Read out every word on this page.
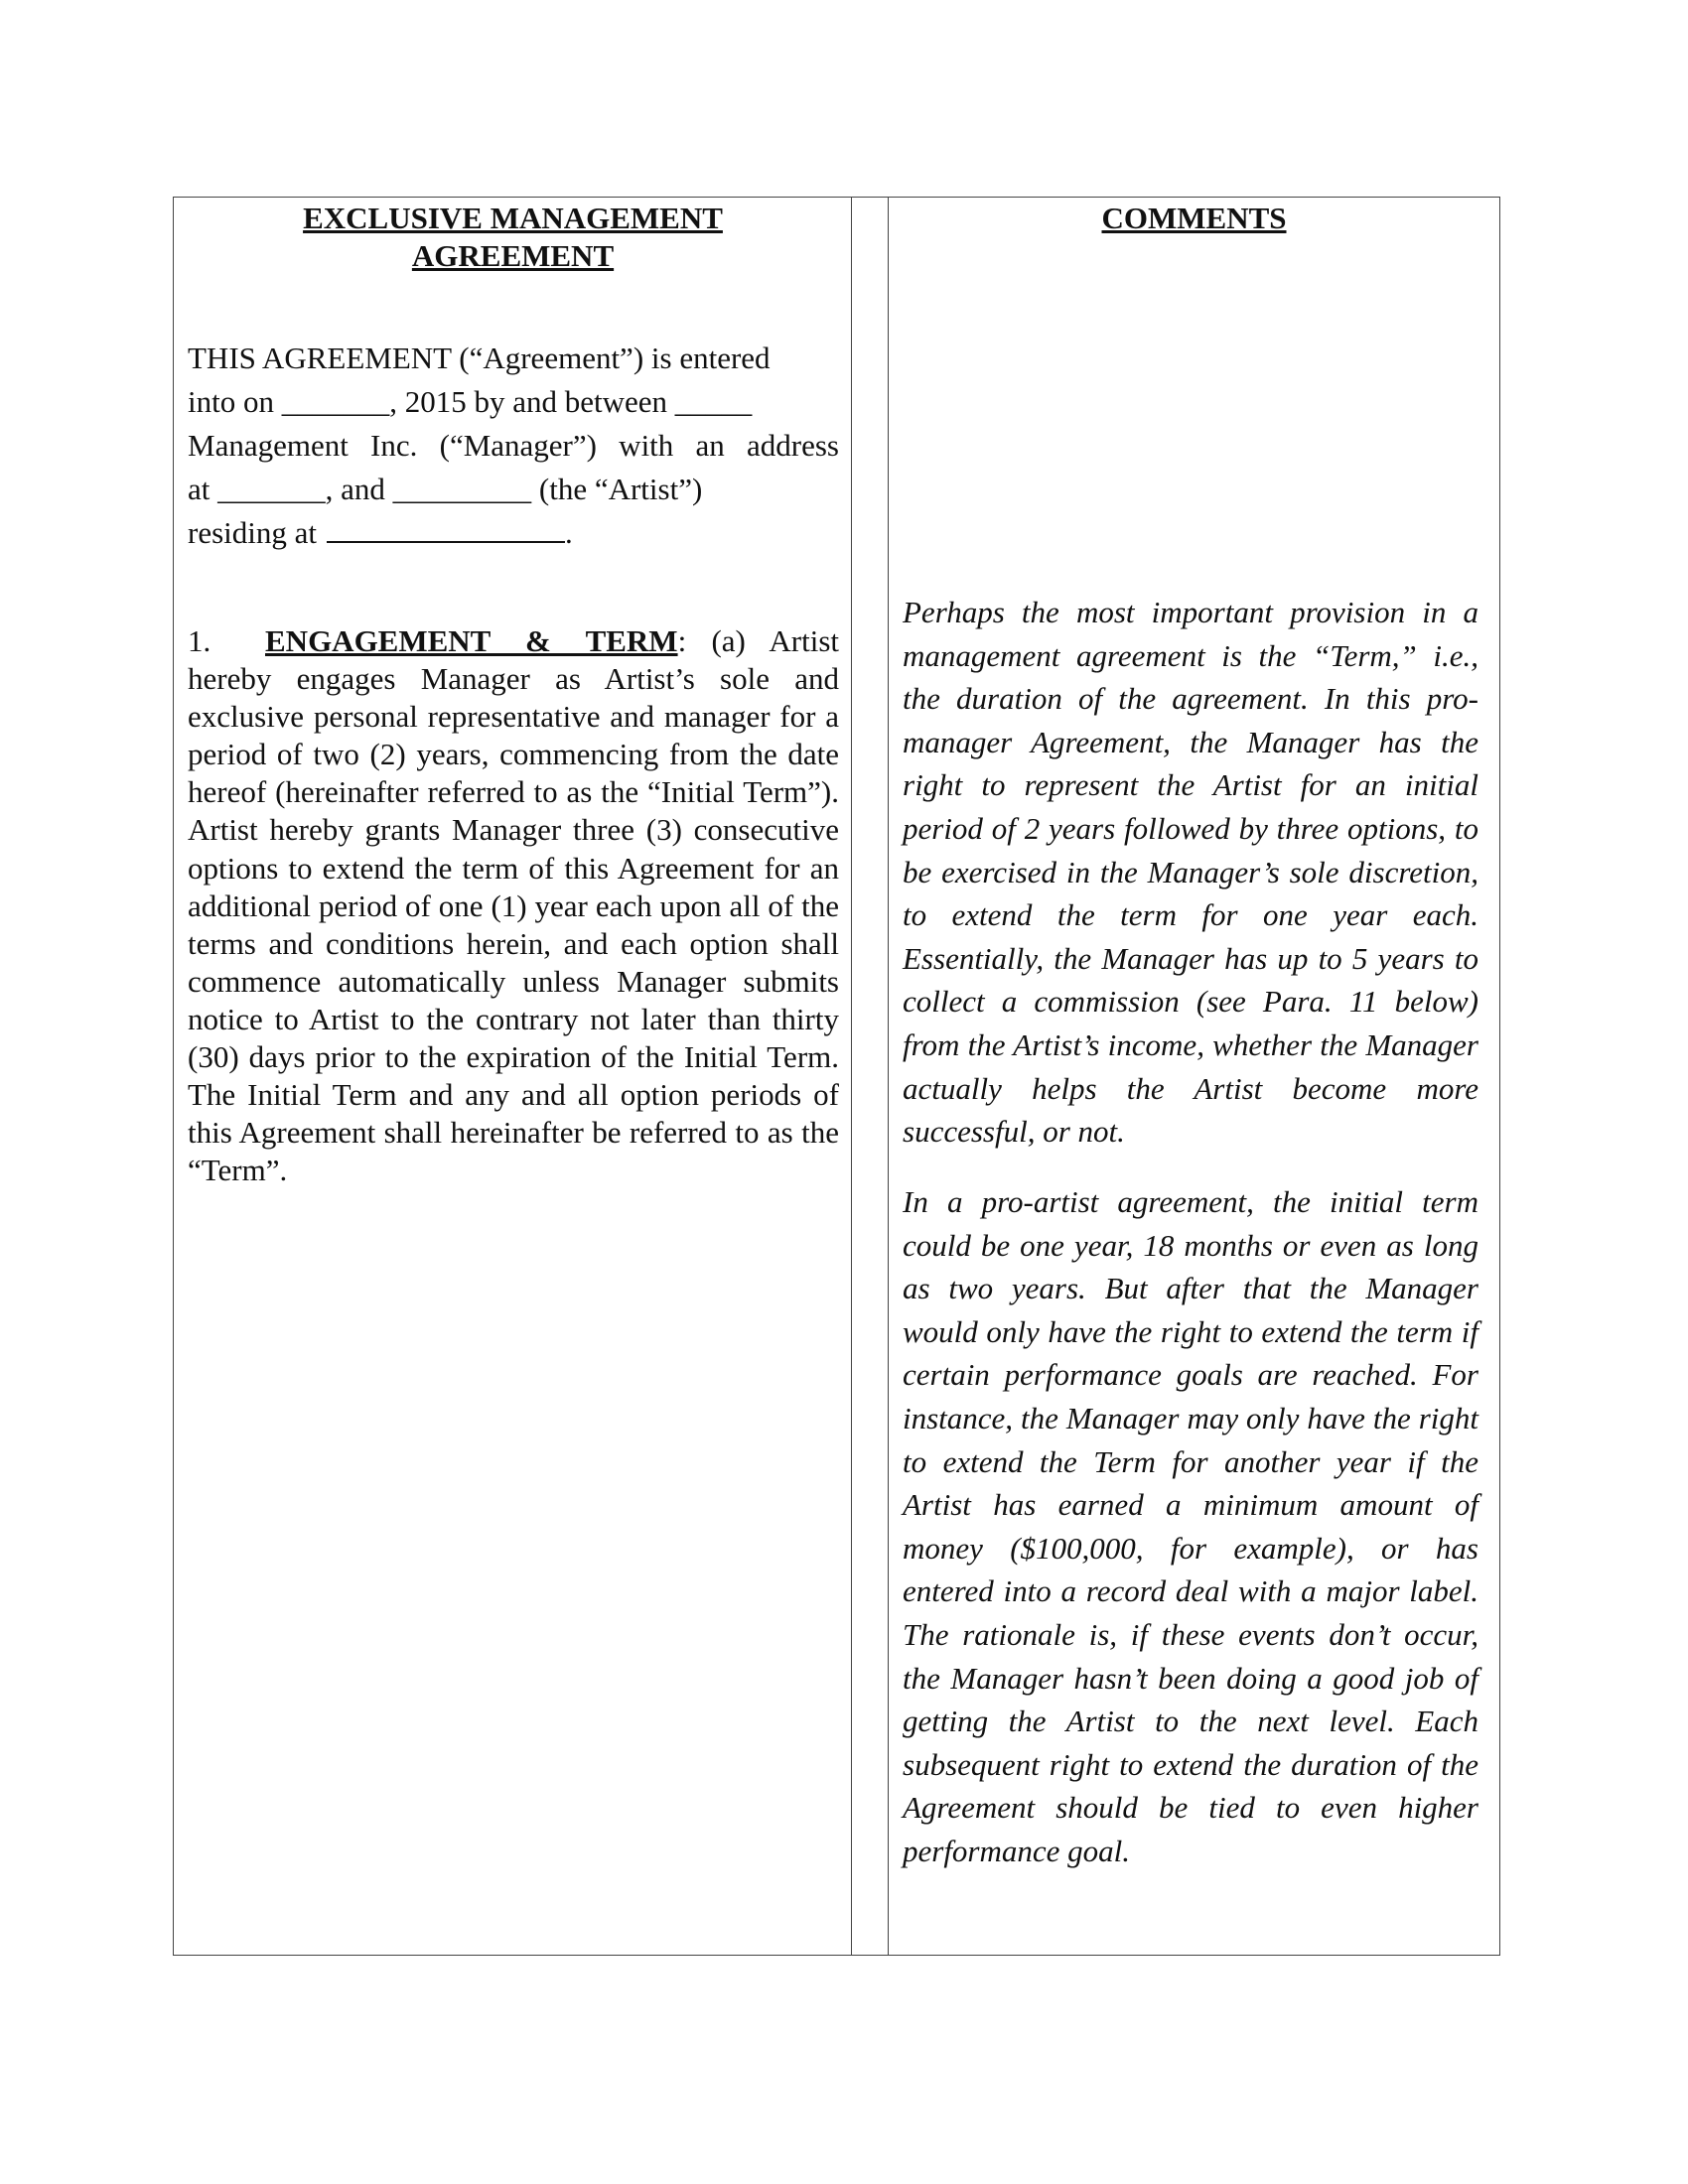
EXCLUSIVE MANAGEMENT
AGREEMENT

THIS AGREEMENT (“Agreement”) is entered

into on _______, 2015 by and between _____

Management Inc. (“Manager”) with an address

at _______, and _________ (the “Artist”)

residing at	.

1. ENGAGEMENT & TERM: (a) Artist hereby engages Manager as Artist’s sole and exclusive personal representative and manager for a period of two (2) years, commencing from the date hereof (hereinafter referred to as the “Initial Term”). Artist hereby grants Manager three (3) consecutive options to extend the term of this Agreement for an additional period of one (1) year each upon all of the terms and conditions herein, and each option shall commence automatically unless Manager submits notice to Artist to the contrary not later than thirty (30) days prior to the expiration of the Initial Term. The Initial Term and any and all option periods of this Agreement shall hereinafter be referred to as the “Term”.
COMMENTS
Perhaps the most important provision in a management agreement is the “Term,” i.e., the duration of the agreement. In this pro-manager Agreement, the Manager has the right to represent the Artist for an initial period of 2 years followed by three options, to be exercised in the Manager’s sole discretion, to extend the term for one year each. Essentially, the Manager has up to 5 years to collect a commission (see Para. 11 below) from the Artist’s income, whether the Manager actually helps the Artist become more successful, or not.
In a pro-artist agreement, the initial term could be one year, 18 months or even as long as two years. But after that the Manager would only have the right to extend the term if certain performance goals are reached. For instance, the Manager may only have the right to extend the Term for another year if the Artist has earned a minimum amount of money ($100,000, for example), or has entered into a record deal with a major label. The rationale is, if these events don’t occur, the Manager hasn’t been doing a good job of getting the Artist to the next level. Each subsequent right to extend the duration of the Agreement should be tied to even higher performance goal.
